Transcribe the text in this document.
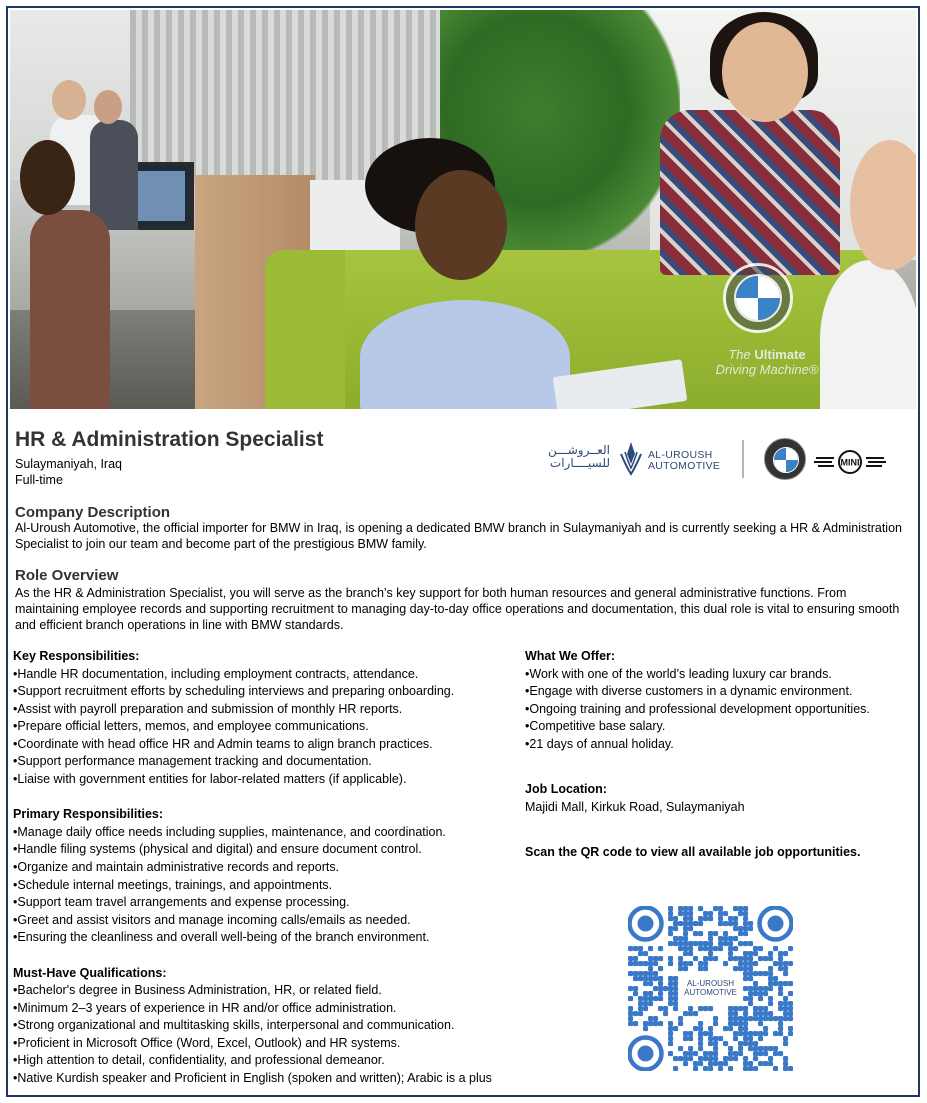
The Ultimate
Driving Machine®
HR & Administration Specialist
Sulaymaniyah, Iraq
Full-time
العــروشـــن
للسيــــارات
AL-UROUSH
AUTOMOTIVE	MINI
Company Description
Al-Uroush Automotive, the official importer for BMW in Iraq, is opening a dedicated BMW branch in Sulaymaniyah and is currently seeking a HR & Administration Specialist to join our team and become part of the prestigious BMW family.
Role Overview
As the HR & Administration Specialist, you will serve as the branch’s key support for both human resources and general administrative functions. From maintaining employee records and supporting recruitment to managing day-to-day office operations and documentation, this dual role is vital to ensuring smooth and efficient branch operations in line with BMW standards.
Key Responsibilities:
•Handle HR documentation, including employment contracts, attendance.
•Support recruitment efforts by scheduling interviews and preparing onboarding.
•Assist with payroll preparation and submission of monthly HR reports.
•Prepare official letters, memos, and employee communications.
•Coordinate with head office HR and Admin teams to align branch practices.
•Support performance management tracking and documentation.
•Liaise with government entities for labor-related matters (if applicable).
Primary Responsibilities:
•Manage daily office needs including supplies, maintenance, and coordination.
•Handle filing systems (physical and digital) and ensure document control.
•Organize and maintain administrative records and reports.
•Schedule internal meetings, trainings, and appointments.
•Support team travel arrangements and expense processing.
•Greet and assist visitors and manage incoming calls/emails as needed.
•Ensuring the cleanliness and overall well-being of the branch environment.
Must-Have Qualifications:
•Bachelor's degree in Business Administration, HR, or related field.
•Minimum 2–3 years of experience in HR and/or office administration.
•Strong organizational and multitasking skills, interpersonal and communication.
•Proficient in Microsoft Office (Word, Excel, Outlook) and HR systems.
•High attention to detail, confidentiality, and professional demeanor.
•Native Kurdish speaker and Proficient in English (spoken and written); Arabic is a plus
What We Offer:
•Work with one of the world’s leading luxury car brands.
•Engage with diverse customers in a dynamic environment.
•Ongoing training and professional development opportunities.
•Competitive base salary.
•21 days of annual holiday.
Job Location:
Majidi Mall, Kirkuk Road, Sulaymaniyah
Scan the QR code to view all available job opportunities.
AL-UROUSH
AUTOMOTIVE
